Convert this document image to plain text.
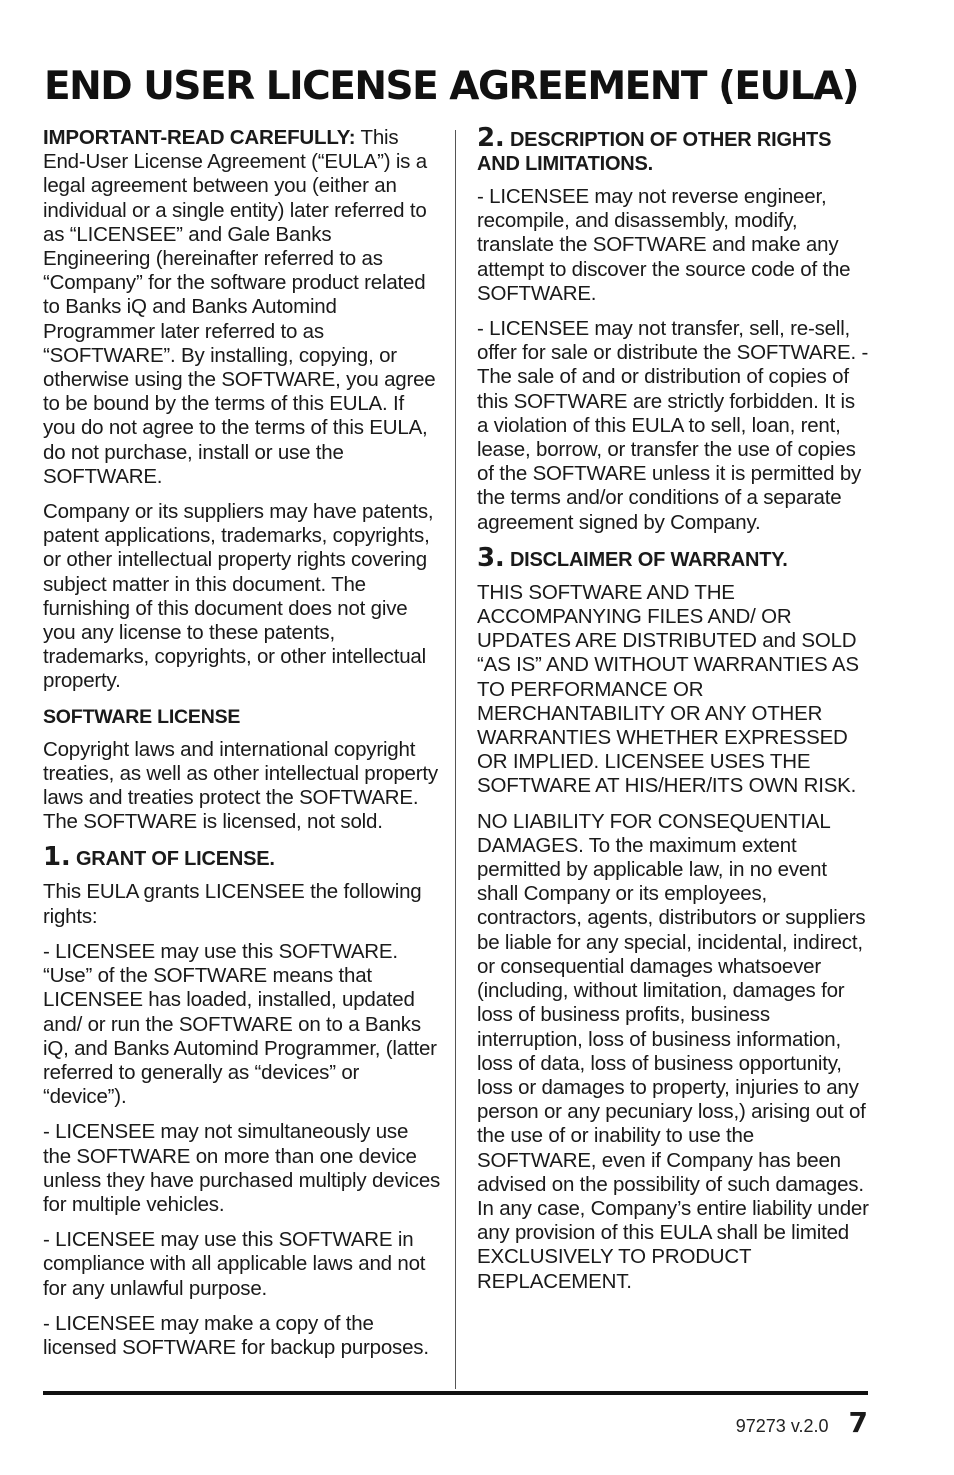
END USER LICENSE AGREEMENT (EULA)

IMPORTANT-READ CAREFULLY: This End-User License Agreement (“EULA”) is a legal agreement between you (either an individual or a single entity) later referred to as “LICENSEE” and Gale Banks Engineering (hereinafter referred to as “Company” for the software product related to Banks iQ and Banks Automind Programmer later referred to as “SOFTWARE”. By installing, copying, or otherwise using the SOFTWARE, you agree to be bound by the terms of this EULA. If you do not agree to the terms of this EULA, do not purchase, install or use the SOFTWARE.

Company or its suppliers may have patents, patent applications, trademarks, copyrights, or other intellectual property rights covering subject matter in this document. The furnishing of this document does not give you any license to these patents, trademarks, copyrights, or other intellectual property.

SOFTWARE LICENSE

Copyright laws and international copyright treaties, as well as other intellectual property laws and treaties protect the SOFTWARE. The SOFTWARE is licensed, not sold.

1. GRANT OF LICENSE.

This EULA grants LICENSEE the following rights:

- LICENSEE may use this SOFTWARE. “Use” of the SOFTWARE means that LICENSEE has loaded, installed, updated and/ or run the SOFTWARE on to a Banks iQ, and Banks Automind Programmer, (latter referred to generally as “devices” or “device”).

- LICENSEE may not simultaneously use the SOFTWARE on more than one device unless they have purchased multiply devices for multiple vehicles.

- LICENSEE may use this SOFTWARE in compliance with all applicable laws and not for any unlawful purpose.

- LICENSEE may make a copy of the licensed SOFTWARE for backup purposes.

2. DESCRIPTION OF OTHER RIGHTS AND LIMITATIONS.

- LICENSEE may not reverse engineer, recompile, and disassembly, modify, translate the SOFTWARE and make any attempt to discover the source code of the SOFTWARE.

- LICENSEE may not transfer, sell, re-sell, offer for sale or distribute the SOFTWARE. - The sale of and or distribution of copies of this SOFTWARE are strictly forbidden. It is a violation of this EULA to sell, loan, rent, lease, borrow, or transfer the use of copies of the SOFTWARE unless it is permitted by the terms and/or conditions of a separate agreement signed by Company.

3. DISCLAIMER OF WARRANTY.

THIS SOFTWARE AND THE ACCOMPANYING FILES AND/ OR UPDATES ARE DISTRIBUTED and SOLD “AS IS” AND WITHOUT WARRANTIES AS TO PERFORMANCE OR MERCHANTABILITY OR ANY OTHER WARRANTIES WHETHER EXPRESSED OR IMPLIED. LICENSEE USES THE SOFTWARE AT HIS/HER/ITS OWN RISK.

NO LIABILITY FOR CONSEQUENTIAL DAMAGES. To the maximum extent permitted by applicable law, in no event shall Company or its employees, contractors, agents, distributors or suppliers be liable for any special, incidental, indirect, or consequential damages whatsoever (including, without limitation, damages for loss of business profits, business interruption, loss of business information, loss of data, loss of business opportunity, loss or damages to property, injuries to any person or any pecuniary loss,) arising out of the use of or inability to use the SOFTWARE, even if Company has been advised on the possibility of such damages. In any case, Company’s entire liability under any provision of this EULA shall be limited EXCLUSIVELY TO PRODUCT REPLACEMENT.

97273 v.2.0 7
